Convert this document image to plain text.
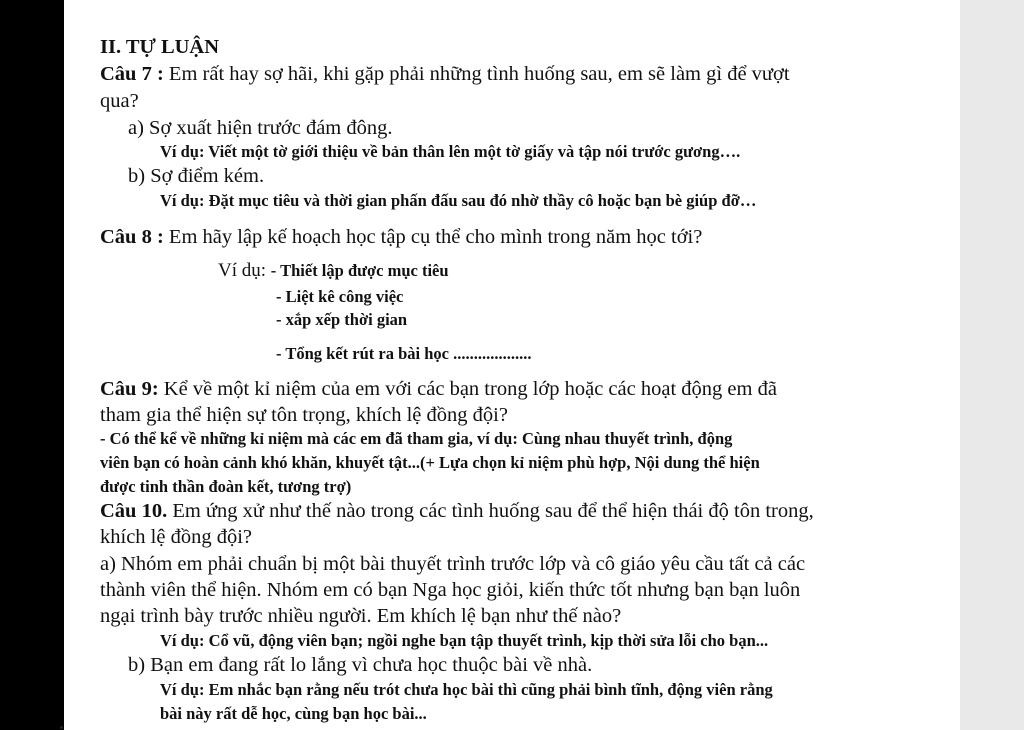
II. TỰ LUẬN
Câu 7 : Em rất hay sợ hãi, khi gặp phải những tình huống sau, em sẽ làm gì để vượt
qua?
a) Sợ xuất hiện trước đám đông.
Ví dụ: Viết một tờ giới thiệu về bản thân lên một tờ giấy và tập nói trước gương….
b) Sợ điểm kém.
Ví dụ: Đặt mục tiêu và thời gian phấn đấu sau đó nhờ thầy cô hoặc bạn bè giúp đỡ…
Câu 8 : Em hãy lập kế hoạch học tập cụ thể cho mình trong năm học tới?
Ví dụ: - Thiết lập được mục tiêu
- Liệt kê công việc
- xắp xếp thời gian
- Tổng kết rút ra bài học ...................
Câu 9: Kể về một kỉ niệm của em với các bạn trong lớp hoặc các hoạt động em đã
tham gia thể hiện sự tôn trọng, khích lệ đồng đội?
- Có thể kể về những kỉ niệm mà các em đã tham gia, ví dụ: Cùng nhau thuyết trình, động
viên bạn có hoàn cảnh khó khăn, khuyết tật...(+ Lựa chọn kỉ niệm phù hợp, Nội dung thể hiện
được tinh thần đoàn kết, tương trợ)
Câu 10. Em ứng xử như thế nào trong các tình huống sau để thể hiện thái độ tôn trong,
khích lệ đồng đội?
a) Nhóm em phải chuẩn bị một bài thuyết trình trước lớp và cô giáo yêu cầu tất cả các
thành viên thể hiện. Nhóm em có bạn Nga học giỏi, kiến thức tốt nhưng bạn bạn luôn
ngại trình bày trước nhiều người. Em khích lệ bạn như thế nào?
Ví dụ: Cổ vũ, động viên bạn; ngồi nghe bạn tập thuyết trình, kịp thời sửa lỗi cho bạn...
b) Bạn em đang rất lo lắng vì chưa học thuộc bài về nhà.
Ví dụ: Em nhắc bạn rằng nếu trót chưa học bài thì cũng phải bình tĩnh, động viên rằng
bài này rất dễ học, cùng bạn học bài...
